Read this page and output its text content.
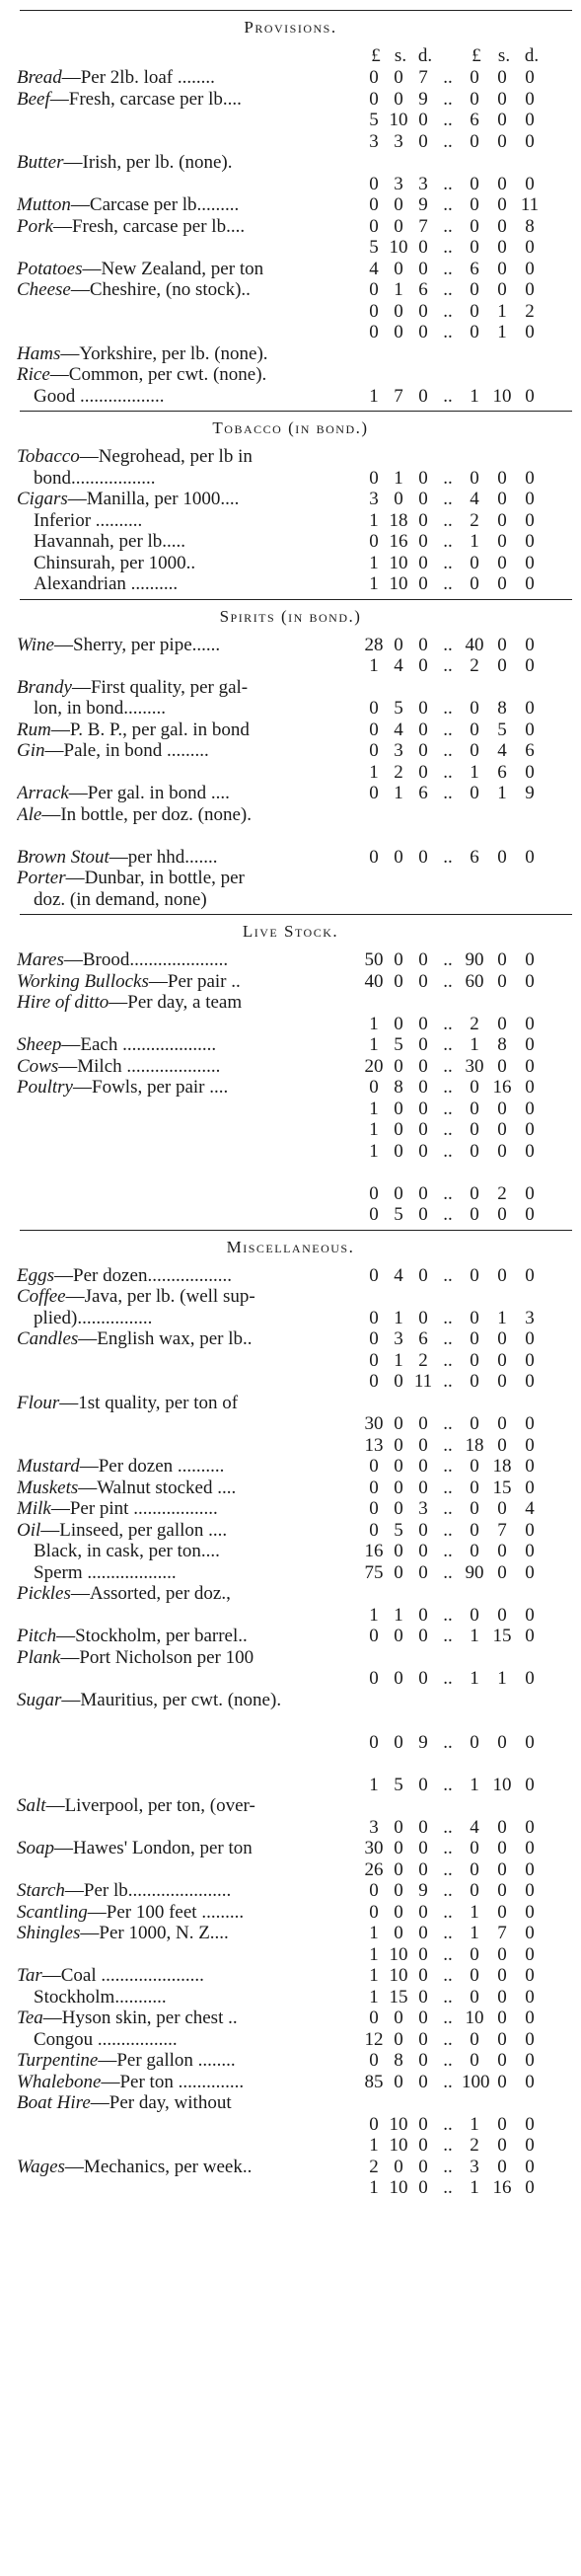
Provisions.
£ s. d.	£ s. d.
Bread—Per 2lb. loaf ........	0 0 7 .. 0 0 0
Beef—Fresh, carcase per lb....	0 0 9 .. 0 0 0
5 10 0 .. 6 0 0
3 3 0 .. 0 0 0
Butter—Irish, per lb. (none).
0 3 3 .. 0 0 0
Mutton—Carcase per lb.........	0 0 9 .. 0 0 11
Pork—Fresh, carcase per lb....	0 0 7 .. 0 0 8
5 10 0 .. 0 0 0
Potatoes—New Zealand, per ton	4 0 0 .. 6 0 0
Cheese—Cheshire, (no stock)..	0 1 6 .. 0 0 0
0 0 0 .. 0 1 2
0 0 0 .. 0 1 0
Hams—Yorkshire, per lb. (none).
Rice—Common, per cwt. (none).
Good ..................	1 7 0 .. 1 10 0
Tobacco (in bond.)
Tobacco—Negrohead, per lb in
bond..................	0 1 0 .. 0 0 0
Cigars—Manilla, per 1000....	3 0 0 .. 4 0 0
Inferior ..........	1 18 0 .. 2 0 0
Havannah, per lb.....	0 16 0 .. 1 0 0
Chinsurah, per 1000..	1 10 0 .. 0 0 0
Alexandrian ..........	1 10 0 .. 0 0 0
Spirits (in bond.)
Wine—Sherry, per pipe......	28 0 0 .. 40 0 0
1 4 0 .. 2 0 0
Brandy—First quality, per gal-
lon, in bond.........	0 5 0 .. 0 8 0
Rum—P. B. P., per gal. in bond	0 4 0 .. 0 5 0
Gin—Pale, in bond .........	0 3 0 .. 0 4 6
1 2 0 .. 1 6 0
Arrack—Per gal. in bond ....	0 1 6 .. 0 1 9
Ale—In bottle, per doz. (none).
Brown Stout—per hhd.......	0 0 0 .. 6 0 0
Porter—Dunbar, in bottle, per
doz. (in demand, none)
Live Stock.
Mares—Brood.....................	50 0 0 .. 90 0 0
Working Bullocks—Per pair ..	40 0 0 .. 60 0 0
Hire of ditto—Per day, a team
1 0 0 .. 2 0 0
Sheep—Each ....................	1 5 0 .. 1 8 0
Cows—Milch ....................	20 0 0 .. 30 0 0
Poultry—Fowls, per pair ....	0 8 0 .. 0 16 0
1 0 0 .. 0 0 0
1 0 0 .. 0 0 0
1 0 0 .. 0 0 0
0 0 0 .. 0 2 0
0 5 0 .. 0 0 0
Miscellaneous.
Eggs—Per dozen..................	0 4 0 .. 0 0 0
Coffee—Java, per lb. (well sup-
plied)................	0 1 0 .. 0 1 3
Candles—English wax, per lb..	0 3 6 .. 0 0 0
0 1 2 .. 0 0 0
0 0 11 .. 0 0 0
Flour—1st quality, per ton of
30 0 0 .. 0 0 0
13 0 0 .. 18 0 0
Mustard—Per dozen ..........	0 0 0 .. 0 18 0
Muskets—Walnut stocked ....	0 0 0 .. 0 15 0
Milk—Per pint ..................	0 0 3 .. 0 0 4
Oil—Linseed, per gallon ....	0 5 0 .. 0 7 0
Black, in cask, per ton....	16 0 0 .. 0 0 0
Sperm ...................	75 0 0 .. 90 0 0
Pickles—Assorted, per doz.,
1 1 0 .. 0 0 0
Pitch—Stockholm, per barrel..	0 0 0 .. 1 15 0
Plank—Port Nicholson per 100
0 0 0 .. 1 1 0
Sugar—Mauritius, per cwt. (none).
0 0 9 .. 0 0 0
1 5 0 .. 1 10 0
Salt—Liverpool, per ton, (over-
3 0 0 .. 4 0 0
Soap—Hawes' London, per ton	30 0 0 .. 0 0 0
26 0 0 .. 0 0 0
Starch—Per lb......................	0 0 9 .. 0 0 0
Scantling—Per 100 feet .........	0 0 0 .. 1 0 0
Shingles—Per 1000, N. Z....	1 0 0 .. 1 7 0
1 10 0 .. 0 0 0
Tar—Coal ......................	1 10 0 .. 0 0 0
Stockholm...........	1 15 0 .. 0 0 0
Tea—Hyson skin, per chest ..	0 0 0 .. 10 0 0
Congou .................	12 0 0 .. 0 0 0
Turpentine—Per gallon ........	0 8 0 .. 0 0 0
Whalebone—Per ton ..............	85 0 0 .. 100 0 0
Boat Hire—Per day, without
0 10 0 .. 1 0 0
1 10 0 .. 2 0 0
Wages—Mechanics, per week..	2 0 0 .. 3 0 0
1 10 0 .. 1 16 0
